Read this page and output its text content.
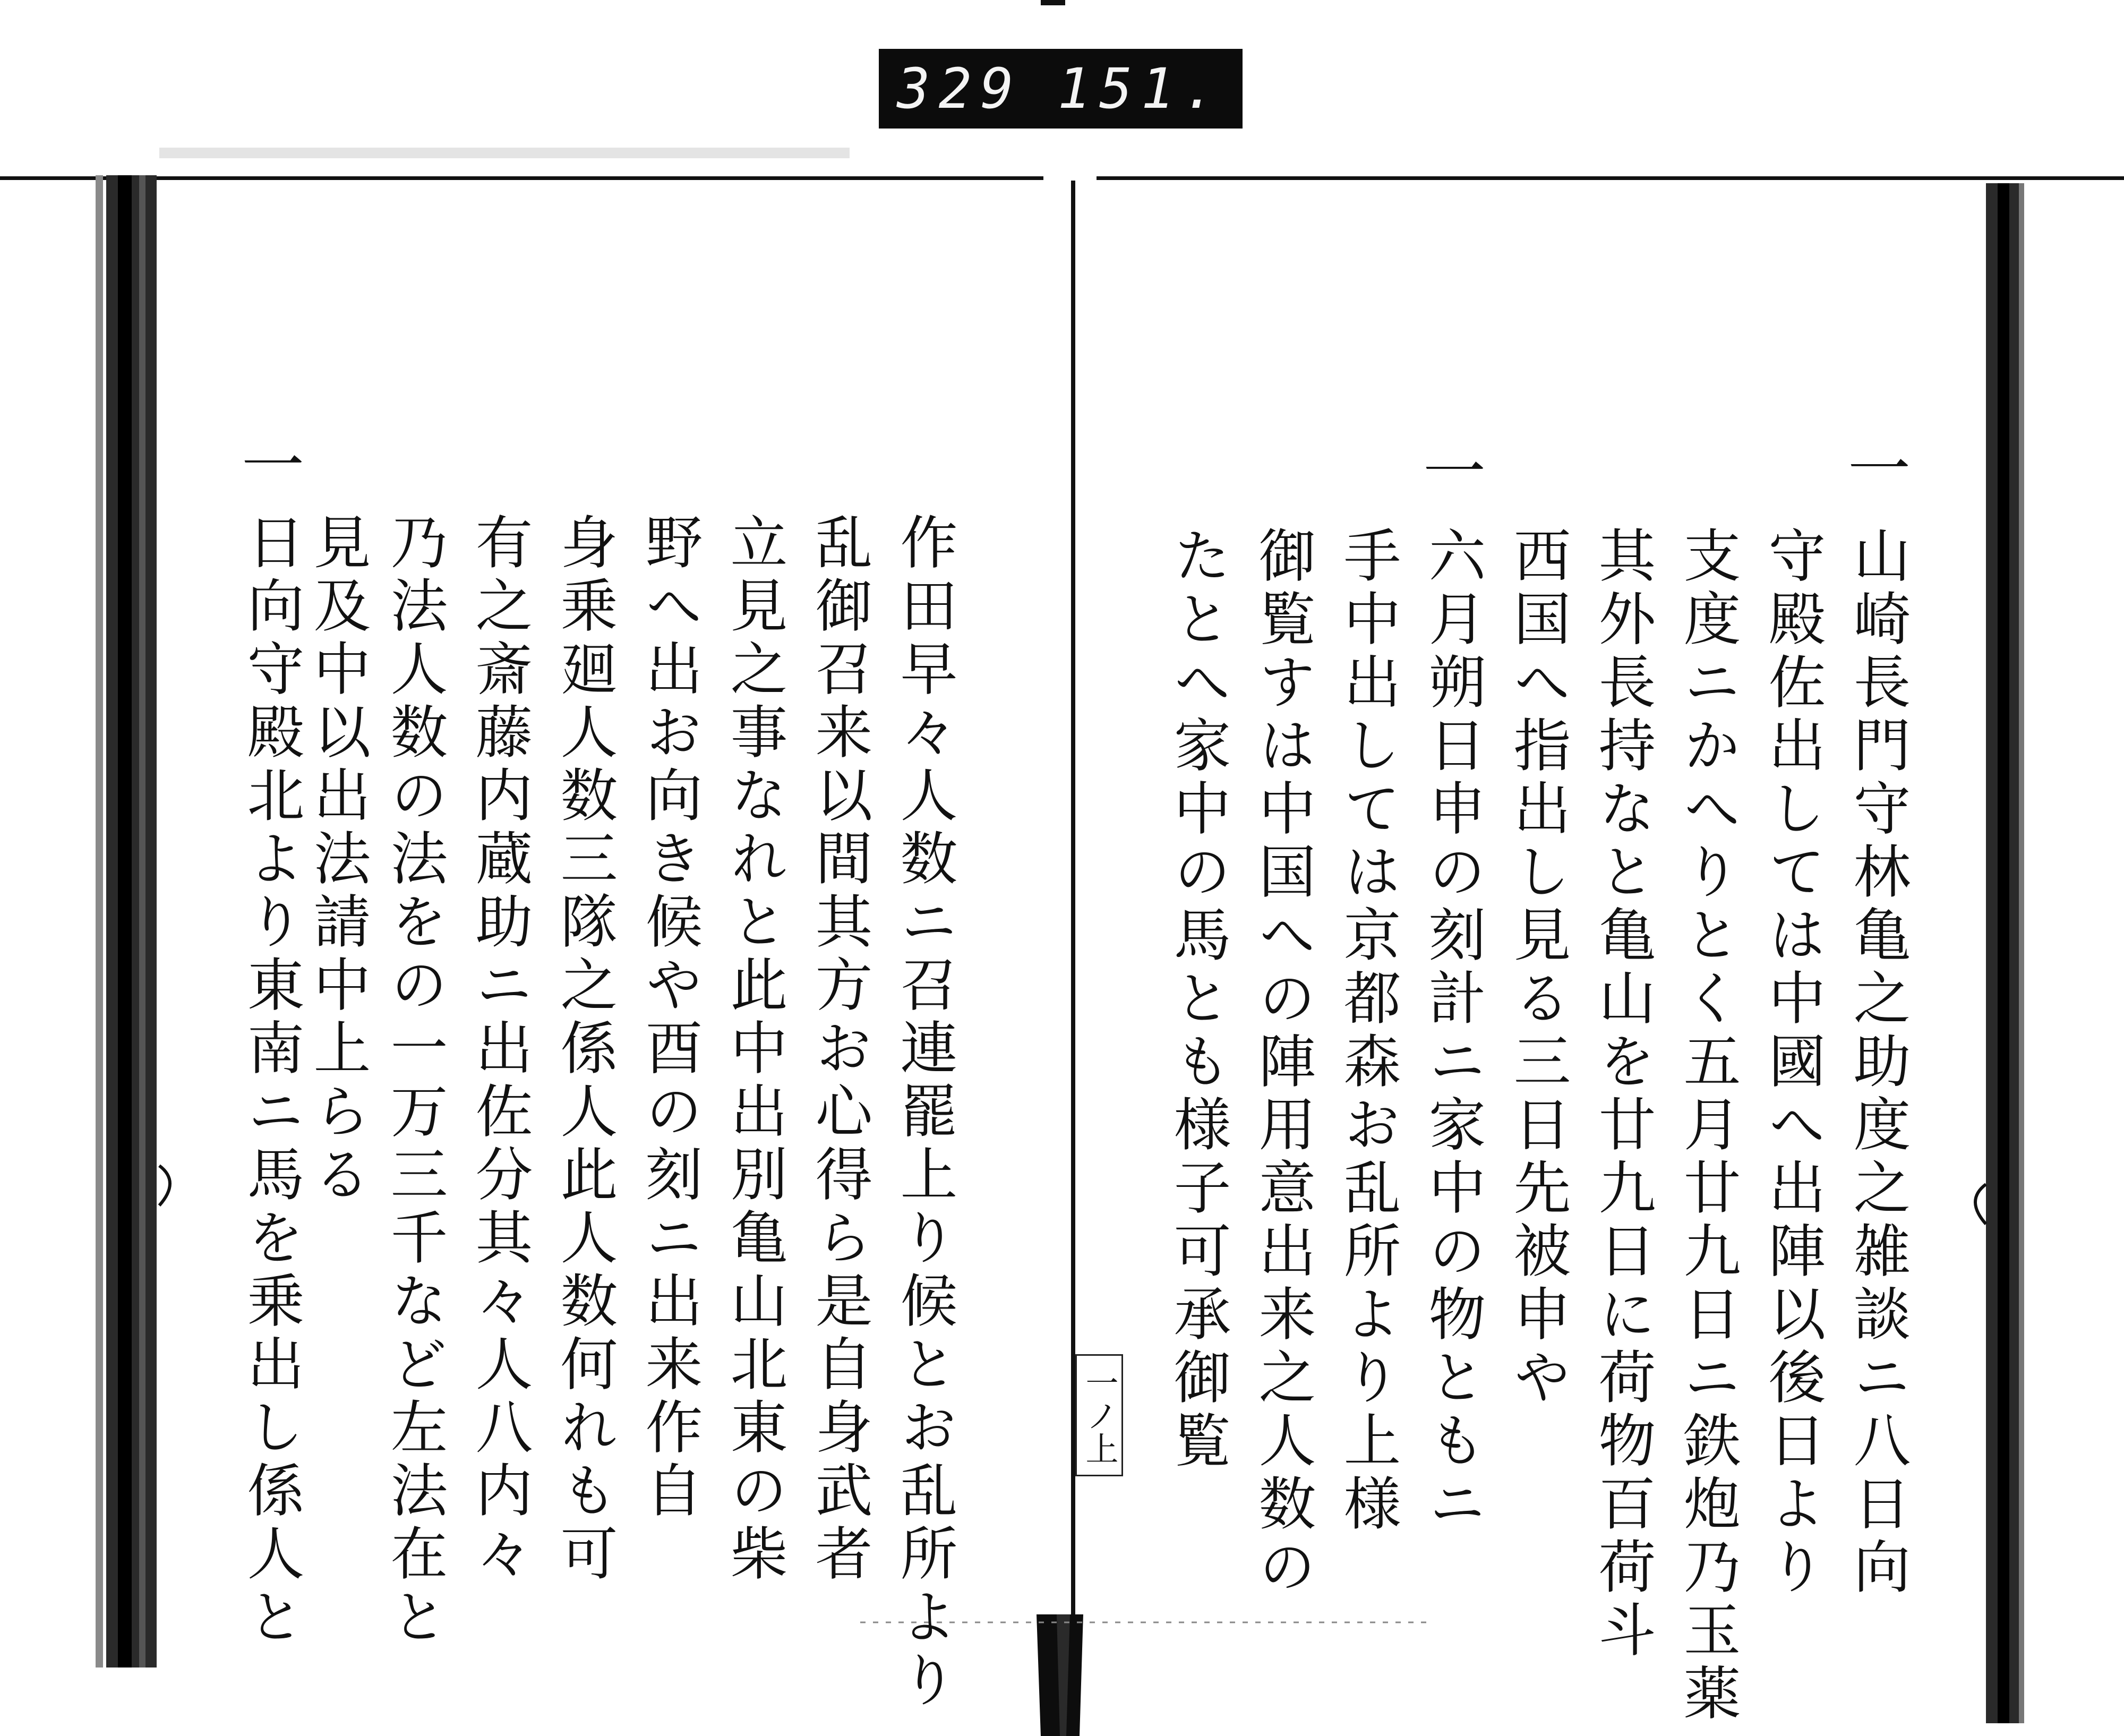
329 151.
一ノ上
一
山崎長門守林亀之助度之雑談ニ八日向
守殿佐出しては中國へ出陣以後日より
支度ニかへりとく五月廿九日ニ鉄炮乃玉薬
其外長持なと亀山を廿九日に荷物百荷斗
西国へ指出し見る三日先被申や
一
六月朔日申の刻計ニ家中の物ともニ
手中出しては京都森お乱所より上様
御覧すは中国への陣用意出来之人数の
たとへ家中の馬とも様子可承御覧
作田早々人数ニ召連罷上り候とお乱所より
乱御召来以間其方お心得ら是自身武者
立見之事なれと此中出別亀山北東の柴
野へ出お向き候や酉の刻ニ出来作自
身乗廻人数三隊之係人此人数何れも可
有之斎藤内蔵助ニ出佐分其々人八内々
乃法人数の法をの一万三千など左法在と
見及中以出法請中上らる
一
日向守殿北より東南ニ馬を乗出し係人と
